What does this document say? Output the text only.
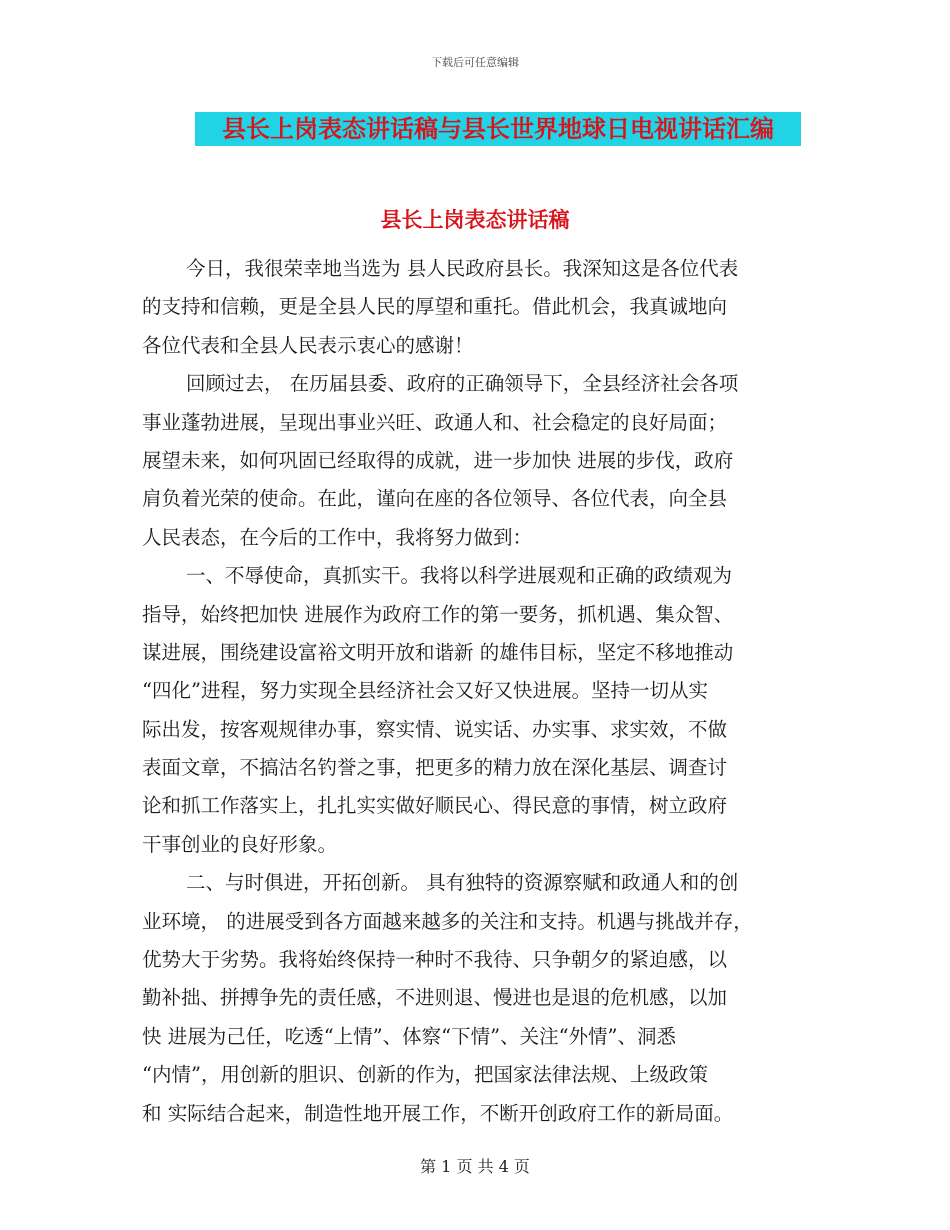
下载后可任意编辑
县长上岗表态讲话稿与县长世界地球日电视讲话汇编
县长上岗表态讲话稿
今日，我很荣幸地当选为 县人民政府县长。我深知这是各位代表
的支持和信赖，更是全县人民的厚望和重托。借此机会，我真诚地向
各位代表和全县人民表示衷心的感谢！
回顾过去， 在历届县委、政府的正确领导下，全县经济社会各项
事业蓬勃进展，呈现出事业兴旺、政通人和、社会稳定的良好局面；
展望未来，如何巩固已经取得的成就，进一步加快 进展的步伐，政府
肩负着光荣的使命。在此，谨向在座的各位领导、各位代表，向全县
人民表态，在今后的工作中，我将努力做到：
一、不辱使命，真抓实干。我将以科学进展观和正确的政绩观为
指导，始终把加快 进展作为政府工作的第一要务，抓机遇、集众智、
谋进展，围绕建设富裕文明开放和谐新 的雄伟目标，坚定不移地推动
“四化”进程，努力实现全县经济社会又好又快进展。坚持一切从实
际出发，按客观规律办事，察实情、说实话、办实事、求实效，不做
表面文章，不搞沽名钓誉之事，把更多的精力放在深化基层、调查讨
论和抓工作落实上，扎扎实实做好顺民心、得民意的事情，树立政府
干事创业的良好形象。
二、与时俱进，开拓创新。 具有独特的资源察赋和政通人和的创
业环境， 的进展受到各方面越来越多的关注和支持。机遇与挑战并存，
优势大于劣势。我将始终保持一种时不我待、只争朝夕的紧迫感，以
勤补拙、拼搏争先的责任感，不进则退、慢进也是退的危机感，以加
快 进展为己任，吃透“上情”、体察“下情”、关注“外情”、洞悉
“内情”，用创新的胆识、创新的作为，把国家法律法规、上级政策
和 实际结合起来，制造性地开展工作，不断开创政府工作的新局面。
第 1 页 共 4 页
